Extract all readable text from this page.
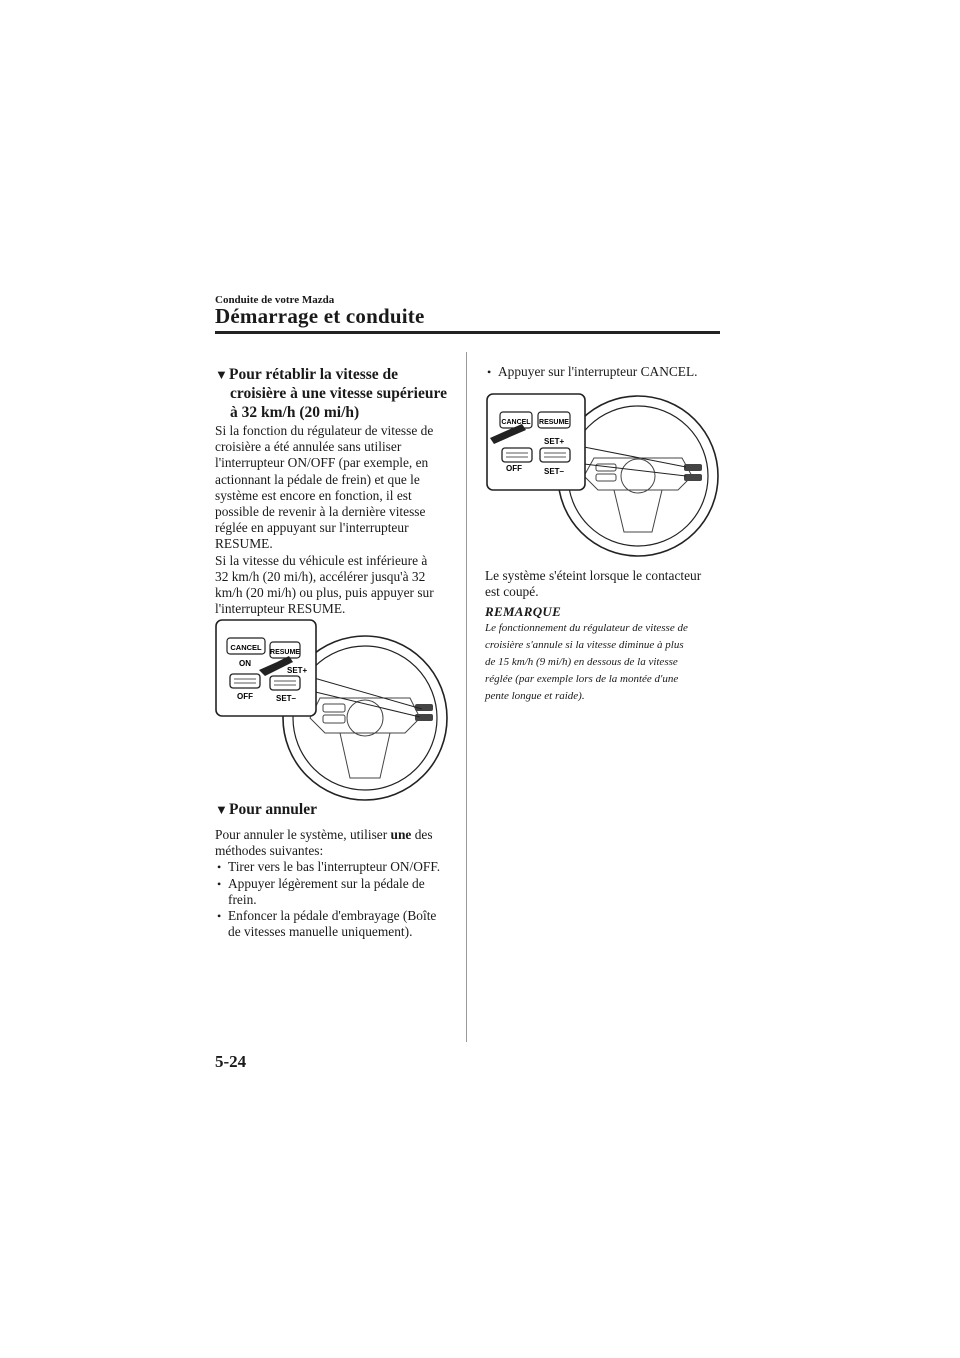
Conduite de votre Mazda
Démarrage et conduite
▼Pour rétablir la vitesse de
croisière à une vitesse supérieure
à 32 km/h (20 mi/h)

Si la fonction du régulateur de vitesse de

croisière a été annulée sans utiliser

l'interrupteur ON/OFF (par exemple, en

actionnant la pédale de frein) et que le

système est encore en fonction, il est

possible de revenir à la dernière vitesse

réglée en appuyant sur l'interrupteur

RESUME.

Si la vitesse du véhicule est inférieure à

32 km/h (20 mi/h), accélérer jusqu'à 32

km/h (20 mi/h) ou plus, puis appuyer sur

l'interrupteur RESUME.

CANCEL
RESUME
ON
SET+
OFF	SET–
▼Pour annuler

Pour annuler le système, utiliser une des

méthodes suivantes:

• Tirer vers le bas l'interrupteur ON/OFF.
• Appuyer légèrement sur la pédale de
frein.
• Enfoncer la pédale d'embrayage (Boîte
de vitesses manuelle uniquement).
• Appuyer sur l'interrupteur CANCEL.
CANCEL RESUME
SET+
OFF	SET–

Le système s'éteint lorsque le contacteur

est coupé.

REMARQUE
Le fonctionnement du régulateur de vitesse de
croisière s'annule si la vitesse diminue à plus
de 15 km/h (9 mi/h) en dessous de la vitesse
réglée (par exemple lors de la montée d'une
pente longue et raide).
5-24
